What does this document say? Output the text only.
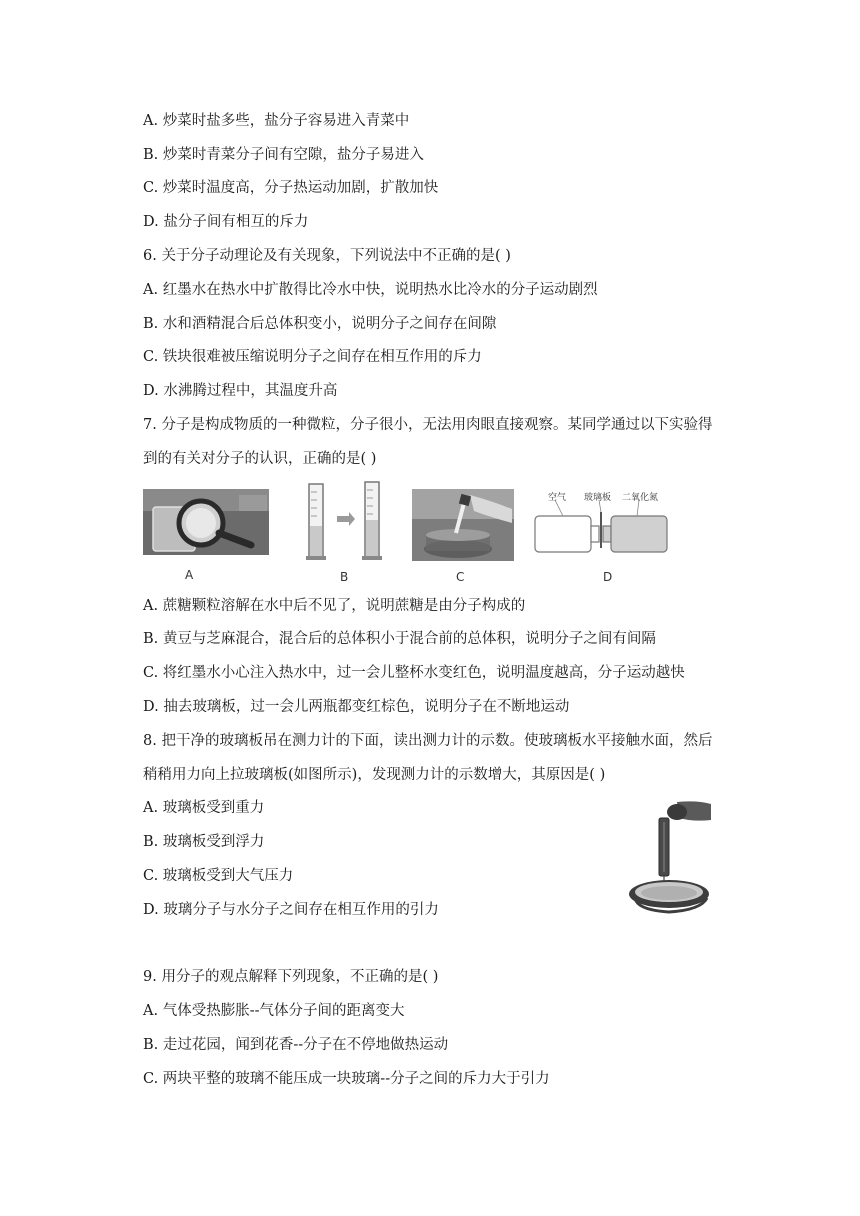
A. 炒菜时盐多些，盐分子容易进入青菜中
B. 炒菜时青菜分子间有空隙，盐分子易进入
C. 炒菜时温度高，分子热运动加剧，扩散加快
D. 盐分子间有相互的斥力
6. 关于分子动理论及有关现象，下列说法中不正确的是( )
A. 红墨水在热水中扩散得比冷水中快，说明热水比冷水的分子运动剧烈
B. 水和酒精混合后总体积变小，说明分子之间存在间隙
C. 铁块很难被压缩说明分子之间存在相互作用的斥力
D. 水沸腾过程中，其温度升高
7. 分子是构成物质的一种微粒，分子很小，无法用肉眼直接观察。某同学通过以下实验得
到的有关对分子的认识，正确的是( )
A	B	C
空气 玻璃板 二氧化氮
D
A. 蔗糖颗粒溶解在水中后不见了，说明蔗糖是由分子构成的
B. 黄豆与芝麻混合，混合后的总体积小于混合前的总体积，说明分子之间有间隔
C. 将红墨水小心注入热水中，过一会儿整杯水变红色，说明温度越高，分子运动越快
D. 抽去玻璃板，过一会儿两瓶都变红棕色，说明分子在不断地运动
8. 把干净的玻璃板吊在测力计的下面，读出测力计的示数。使玻璃板水平接触水面，然后
稍稍用力向上拉玻璃板(如图所示)，发现测力计的示数增大，其原因是( )
A. 玻璃板受到重力
B. 玻璃板受到浮力
C. 玻璃板受到大气压力
D. 玻璃分子与水分子之间存在相互作用的引力
9. 用分子的观点解释下列现象，不正确的是( )
A. 气体受热膨胀--气体分子间的距离变大
B. 走过花园，闻到花香--分子在不停地做热运动
C. 两块平整的玻璃不能压成一块玻璃--分子之间的斥力大于引力
